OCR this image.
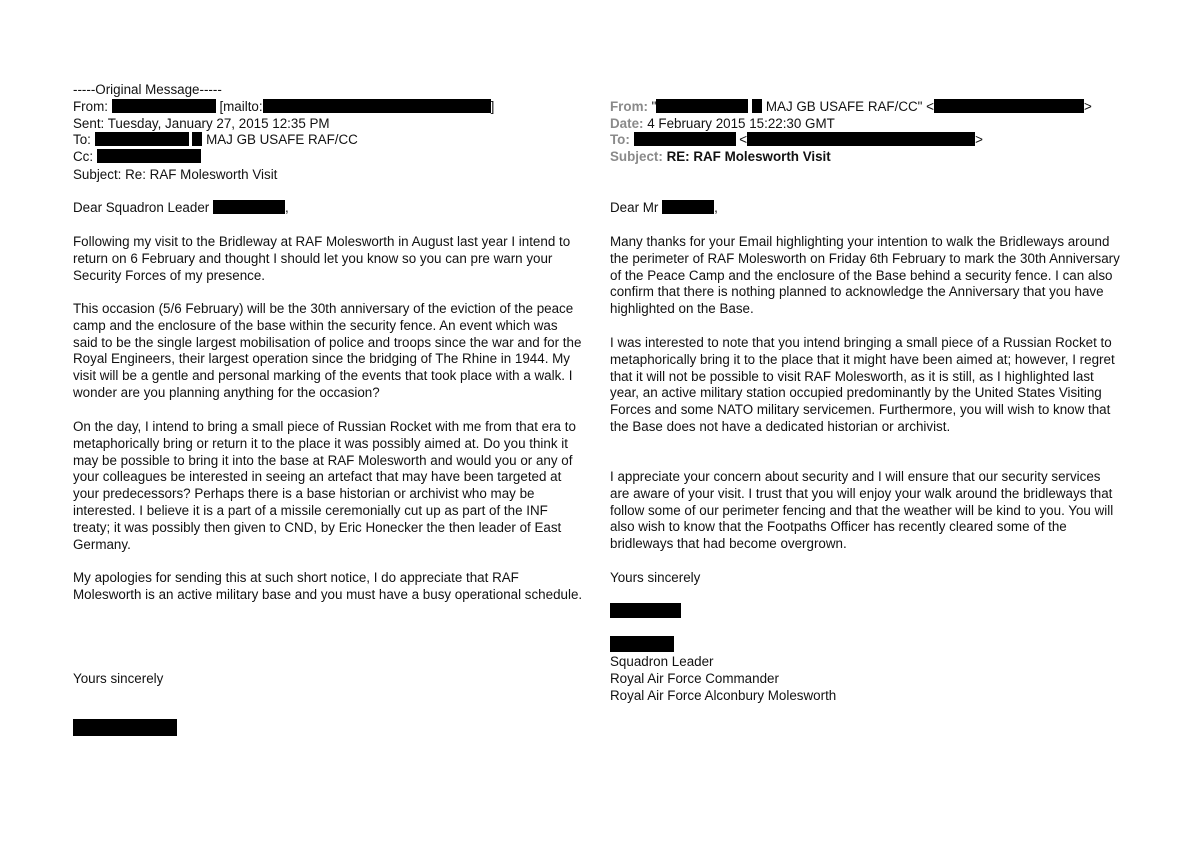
-----Original Message-----
From:	[mailto:	]
Sent: Tuesday, January 27, 2015 12:35 PM
To:	MAJ GB USAFE RAF/CC
Cc:
Subject: Re: RAF Molesworth Visit
Dear Squadron Leader	,
Following my visit to the Bridleway at RAF Molesworth in August last year I intend to return on 6 February and thought I should let you know so you can pre warn your Security Forces of my presence.
This occasion (5/6 February) will be the 30th anniversary of the eviction of the peace camp and the enclosure of the base within the security fence. An event which was said to be the single largest mobilisation of police and troops since the war and for the Royal Engineers, their largest operation since the bridging of The Rhine in 1944. My visit will be a gentle and personal marking of the events that took place with a walk. I wonder are you planning anything for the occasion?
On the day, I intend to bring a small piece of Russian Rocket with me from that era to metaphorically bring or return it to the place it was possibly aimed at. Do you think it may be possible to bring it into the base at RAF Molesworth and would you or any of your colleagues be interested in seeing an artefact that may have been targeted at your predecessors? Perhaps there is a base historian or archivist who may be interested. I believe it is a part of a missile ceremonially cut up as part of the INF treaty; it was possibly then given to CND, by Eric Honecker the then leader of East Germany.
My apologies for sending this at such short notice, I do appreciate that RAF Molesworth is an active military base and you must have a busy operational schedule.
Yours sincerely
From: "	MAJ GB USAFE RAF/CC" <	>
Date: 4 February 2015 15:22:30 GMT
To:	<	>
Subject: RE: RAF Molesworth Visit
Dear Mr	,
Many thanks for your Email highlighting your intention to walk the Bridleways around the perimeter of RAF Molesworth on Friday 6th February to mark the 30th Anniversary of the Peace Camp and the enclosure of the Base behind a security fence. I can also confirm that there is nothing planned to acknowledge the Anniversary that you have highlighted on the Base.
I was interested to note that you intend bringing a small piece of a Russian Rocket to metaphorically bring it to the place that it might have been aimed at; however, I regret that it will not be possible to visit RAF Molesworth, as it is still, as I highlighted last year, an active military station occupied predominantly by the United States Visiting Forces and some NATO military servicemen. Furthermore, you will wish to know that the Base does not have a dedicated historian or archivist.
I appreciate your concern about security and I will ensure that our security services are aware of your visit. I trust that you will enjoy your walk around the bridleways that follow some of our perimeter fencing and that the weather will be kind to you. You will also wish to know that the Footpaths Officer has recently cleared some of the bridleways that had become overgrown.
Yours sincerely
Squadron Leader
Royal Air Force Commander
Royal Air Force Alconbury Molesworth
